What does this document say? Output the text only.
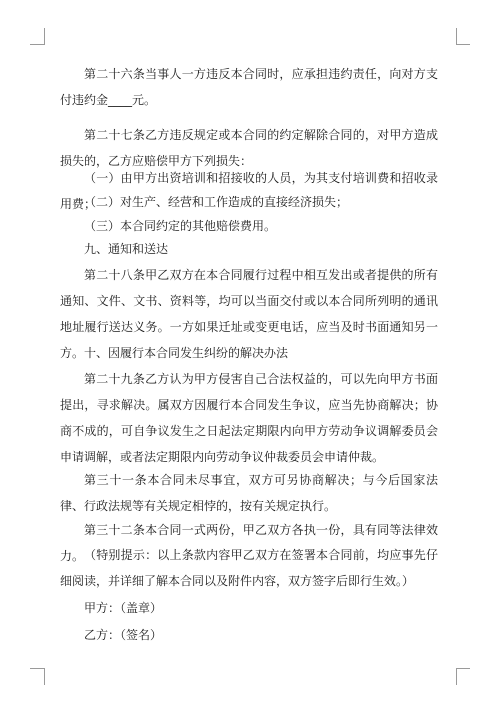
第二十六条当事人一方违反本合同时，应承担违约责任，向对方支付违约金____元。

第二十七条乙方违反规定或本合同的约定解除合同的，对甲方造成损失的，乙方应赔偿甲方下列损失：

（一）由甲方出资培训和招接收的人员，为其支付培训费和招收录用费；

（二）对生产、经营和工作造成的直接经济损失；

（三）本合同约定的其他赔偿费用。

九、通知和送达

第二十八条甲乙双方在本合同履行过程中相互发出或者提供的所有通知、文件、文书、资料等，均可以当面交付或以本合同所列明的通讯地址履行送达义务。一方如果迁址或变更电话，应当及时书面通知另一方。 十、因履行本合同发生纠纷的解决办法

第二十九条乙方认为甲方侵害自己合法权益的，可以先向甲方书面提出，寻求解决。属双方因履行本合同发生争议，应当先协商解决；协商不成的，可自争议发生之日起法定期限内向甲方劳动争议调解委员会申请调解，或者法定期限内向劳动争议仲裁委员会申请仲裁。

第三十一条本合同未尽事宜，双方可另协商解决；与今后国家法律、行政法规等有关规定相悖的，按有关规定执行。

第三十二条本合同一式两份，甲乙双方各执一份，具有同等法律效力。 （特别提示：以上条款内容甲乙双方在签署本合同前，均应事先仔细阅读，并详细了解本合同以及附件内容，双方签字后即行生效。）

甲方：（盖章）
乙方：（签名）
